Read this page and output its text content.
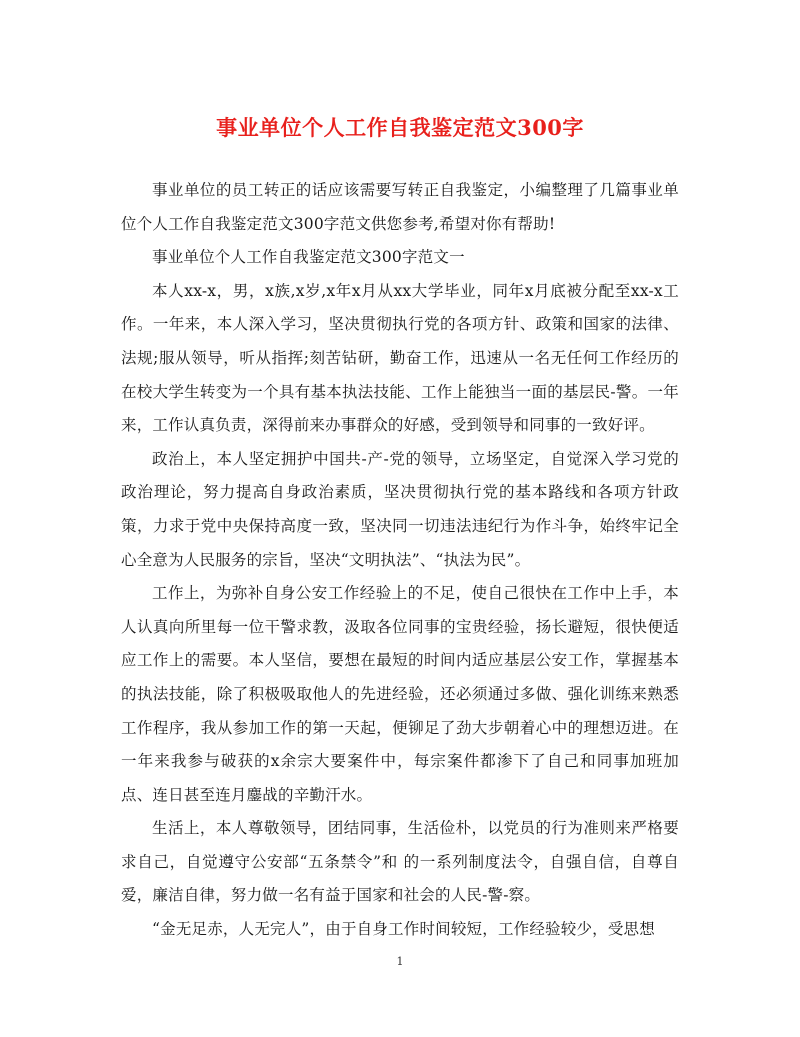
事业单位个人工作自我鉴定范文300字

事业单位的员工转正的话应该需要写转正自我鉴定，小编整理了几篇事业单位个人工作自我鉴定范文300字范文供您参考,希望对你有帮助!

事业单位个人工作自我鉴定范文300字范文一

本人xx-x，男，x族,x岁,x年x月从xx大学毕业，同年x月底被分配至xx-x工作。一年来，本人深入学习，坚决贯彻执行党的各项方针、政策和国家的法律、法规;服从领导，听从指挥;刻苦钻研，勤奋工作，迅速从一名无任何工作经历的在校大学生转变为一个具有基本执法技能、工作上能独当一面的基层民-警。一年来，工作认真负责，深得前来办事群众的好感，受到领导和同事的一致好评。

政治上，本人坚定拥护中国共-产-党的领导，立场坚定，自觉深入学习党的政治理论，努力提高自身政治素质，坚决贯彻执行党的基本路线和各项方针政策，力求于党中央保持高度一致，坚决同一切违法违纪行为作斗争，始终牢记全心全意为人民服务的宗旨，坚决“文明执法”、“执法为民”。

工作上，为弥补自身公安工作经验上的不足，使自己很快在工作中上手，本人认真向所里每一位干警求教，汲取各位同事的宝贵经验，扬长避短，很快便适应工作上的需要。本人坚信，要想在最短的时间内适应基层公安工作，掌握基本的执法技能，除了积极吸取他人的先进经验，还必须通过多做、强化训练来熟悉工作程序，我从参加工作的第一天起，便铆足了劲大步朝着心中的理想迈进。在一年来我参与破获的x余宗大要案件中，每宗案件都渗下了自己和同事加班加点、连日甚至连月鏖战的辛勤汗水。

生活上，本人尊敬领导，团结同事，生活俭朴，以党员的行为准则来严格要求自己，自觉遵守公安部“五条禁令”和 的一系列制度法令，自强自信，自尊自爱，廉洁自律，努力做一名有益于国家和社会的人民-警-察。

“金无足赤，人无完人”，由于自身工作时间较短，工作经验较少，受思想

1
